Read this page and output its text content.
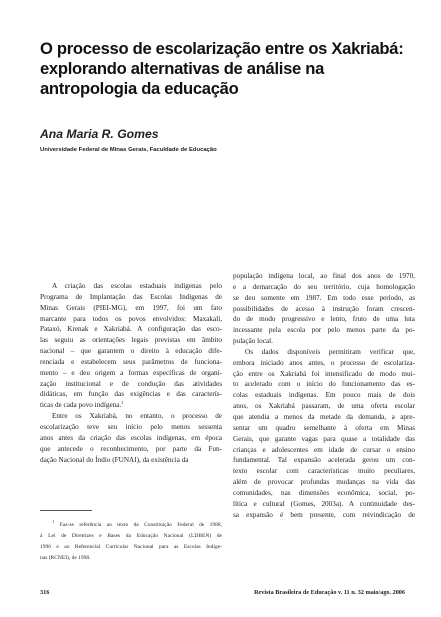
O processo de escolarização entre os Xakriabá:
explorando alternativas de análise na
antropologia da educação

Ana Maria R. Gomes

Universidade Federal de Minas Gerais, Faculdade de Educação

A criação das escolas estaduais indígenas pelo
Programa de Implantação das Escolas Indígenas de
Minas Gerais (PIEI-MG), em 1997, foi um fato
marcante para todos os povos envolvidos: Maxakali,
Pataxó, Krenak e Xakriabá. A configuração das esco-
las seguiu as orientações legais previstas em âmbito
nacional – que garantem o direito à educação dife-
renciada e estabelecem seus parâmetros de funciona-
mento – e deu origem a formas específicas de organi-
zação institucional e de condução das atividades
didáticas, em função das exigências e das caracterís-
ticas de cada povo indígena.$^1$
Entre os Xakriabá, no entanto, o processo de
escolarização teve seu início pelo menos sessenta
anos antes da criação das escolas indígenas, em época
que antecede o reconhecimento, por parte da Fun-
dação Nacional do Índio (FUNAI), da existência da
população indígena local, ao final dos anos de 1970,
e a demarcação do seu território, cuja homologação
se deu somente em 1987. Em todo esse período, as
possibilidades de acesso à instrução foram crescen-
do de modo progressivo e lento, fruto de uma luta
incessante pela escola por pelo menos parte da po-
pulação local.
Os dados disponíveis permitiram verificar que,
embora iniciado anos antes, o processo de escolariza-
ção entre os Xakriabá foi intensificado de modo mui-
to acelerado com o início do funcionamento das es-
colas estaduais indígenas. Em pouco mais de dois
anos, os Xakriabá passaram, de uma oferta escolar
que atendia a menos da metade da demanda, a apre-
sentar um quadro semelhante à oferta em Minas
Gerais, que garante vagas para quase a totalidade das
crianças e adolescentes em idade de cursar o ensino
fundamental. Tal expansão acelerada gerou um con-
texto escolar com características muito peculiares,
além de provocar profundas mudanças na vida das
comunidades, nas dimensões econômica, social, po-
lítica e cultural (Gomes, 2003a). A continuidade des-
sa expansão é bem presente, com reivindicação de
$^1$ Faz-se referência ao texto da Constituição Federal de 1988,
à Lei de Diretrizes e Bases da Educação Nacional (LDBEN) de
1996 e ao Referencial Curricular Nacional para as Escolas Indíge-
nas (RCNEI), de 1998.
316	Revista Brasileira de Educação v. 11 n. 32 maio/ago. 2006
